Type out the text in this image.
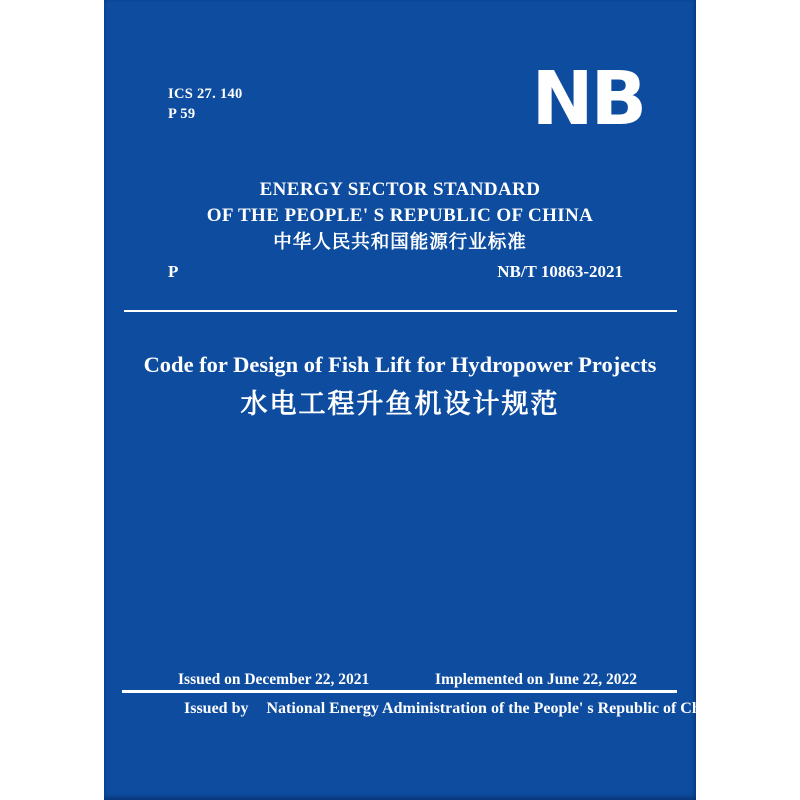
ICS 27. 140
P 59	NB
ENERGY SECTOR STANDARD
OF THE PEOPLE' S REPUBLIC OF CHINA
中华人民共和国能源行业标准
P	NB/T 10863-2021
Code for Design of Fish Lift for Hydropower Projects
水电工程升鱼机设计规范
Issued on December 22, 2021	Implemented on June 22, 2022
Issued by National Energy Administration of the People' s Republic of China
